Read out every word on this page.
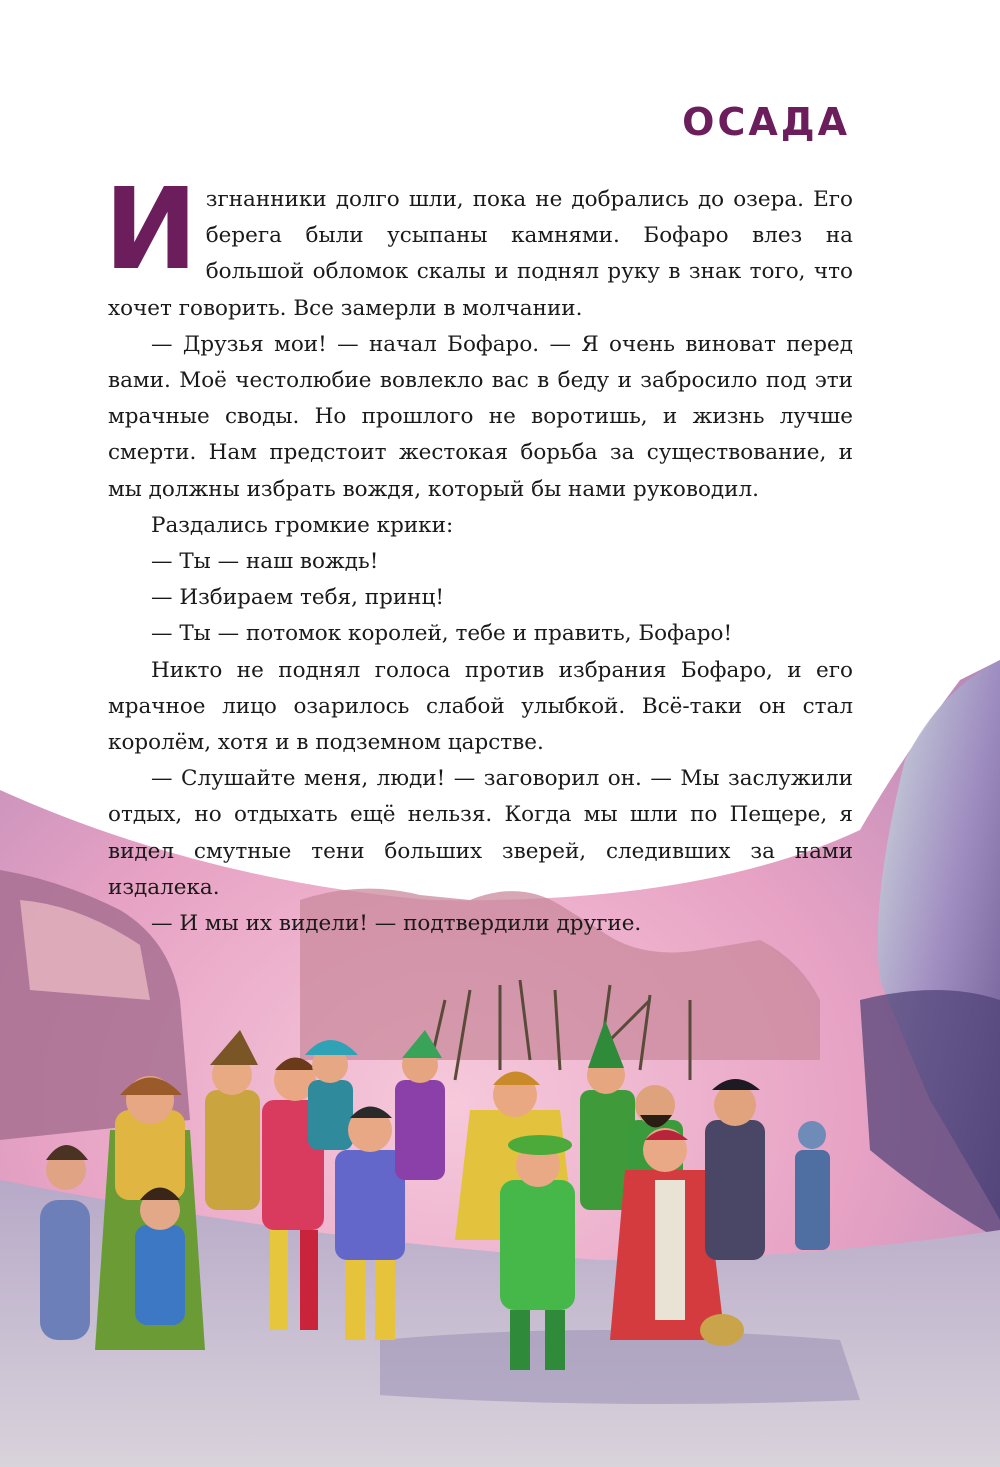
ОСАДА

Изгнанники долго шли, пока не добрались до озера. Его берега были усыпаны камнями. Бофаро влез на большой обломок скалы и поднял руку в знак того, что хочет говорить. Все замерли в молчании.

— Друзья мои! — начал Бофаро. — Я очень виноват перед вами. Моё честолюбие вовлекло вас в беду и забросило под эти мрачные своды. Но прошлого не воротишь, и жизнь лучше смерти. Нам предстоит жестокая борьба за существование, и мы должны избрать вождя, который бы нами руководил.

Раздались громкие крики:

— Ты — наш вождь!

— Избираем тебя, принц!

— Ты — потомок королей, тебе и править, Бофаро!

Никто не поднял голоса против избрания Бофаро, и его мрачное лицо озарилось слабой улыбкой. Всё-таки он стал королём, хотя и в подземном царстве.

— Слушайте меня, люди! — заговорил он. — Мы заслужили отдых, но отдыхать ещё нельзя. Когда мы шли по Пещере, я видел смутные тени больших зверей, следивших за нами издалека.

— И мы их видели! — подтвердили другие.
